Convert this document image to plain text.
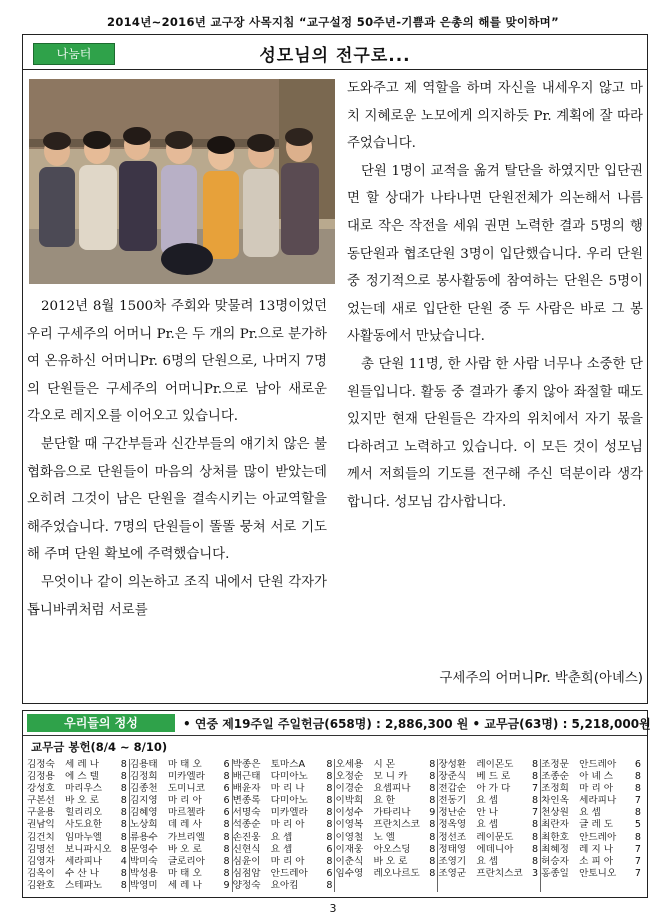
2014년~2016년 교구장 사목지침 “교구설정 50주년-기쁨과 은총의 해를 맞이하며”
나눔터	성모님의 전구로...

2012년 8월 1500차 주회와 맞물려 13명이었던 우리 구세주의 어머니 Pr.은 두 개의 Pr.으로 분가하여 온유하신 어머니Pr. 6명의 단원으로, 나머지 7명의 단원들은 구세주의 어머니Pr.으로 남아 새로운 각오로 레지오를 이어오고 있습니다.

분단할 때 구간부들과 신간부들의 얘기치 않은 불협화음으로 단원들이 마음의 상처를 많이 받았는데 오히려 그것이 남은 단원을 결속시키는 아교역할을 해주었습니다. 7명의 단원들이 똘똘 뭉쳐 서로 기도해 주며 단원 확보에 주력했습니다.

무엇이나 같이 의논하고 조직 내에서 단원 각자가 톱니바퀴처럼 서로를

도와주고 제 역할을 하며 자신을 내세우지 않고 마치 지혜로운 노모에게 의지하듯 Pr. 계획에 잘 따라주었습니다.

단원 1명이 교적을 옮겨 탈단을 하였지만 입단권면 할 상대가 나타나면 단원전체가 의논해서 나름대로 작은 작전을 세워 권면 노력한 결과 5명의 행동단원과 협조단원 3명이 입단했습니다. 우리 단원 중 정기적으로 봉사활동에 참여하는 단원은 5명이었는데 새로 입단한 단원 중 두 사람은 바로 그 봉사활동에서 만났습니다.

총 단원 11명, 한 사람 한 사람 너무나 소중한 단원들입니다. 활동 중 결과가 좋지 않아 좌절할 때도 있지만 현재 단원들은 각자의 위치에서 자기 몫을 다하려고 노력하고 있습니다. 이 모든 것이 성모님께서 저희들의 기도를 전구해 주신 덕분이라 생각합니다. 성모님 감사합니다.

구세주의 어머니Pr. 박춘희(아녜스)
우리들의 정성	• 연중 제19주일 주일헌금(658명) : 2,886,300 원 • 교무금(63명) : 5,218,000원
교무금 봉헌(8/4 ~ 8/10)
김정숙	세 레 나	8
김정용	에 스 텔	8
강성호	마리우스	8
구본선	바 오 로	8
구윤용	힐리리오	8
권남익	사도요한	8
김건치	임마누엘	8
김명선	보니파시오 8
김영자	세라피나	4
김옥이	수 산 나	8
김완호	스테파노	8
김용태	마 태 오	6
김정희	미카엘라	8
김종천	도미니코	6
김지영	마 리 아	6
김혜영	마르첼라	6
노상희	데 레 사	8
류용수	가브리엘	8
문영수	바 오 로	8
박미숙	글로리아	8
박성용	마 태 오	8
박영미	세 레 나	9
박종은	토마스A	8
배근태	다미아노	8
배윤자	마 리 나	8
변종록	다미아노	8
서명숙	미카엘라	8
석종순	마 리 아	8
손진웅	요 셉	8
신현식	요 셉	6
심윤이	마 리 아	8
심점암	안드레아	6
양정숙	요아킴	8
오세용	시 몬	8
오정순	모 니 카	8
이경순	요셉피나	8
이박희	요 한	8
이성수	가타리나	9
이영복	프란치스코 8
이영철	노 엘	8
이재웅	아오스딩	8
이춘식	바 오 로	8
임수영	레오나르도 8
장성환	레이몬도	8
장준식	베 드 로	8
전갑순	아 가 다	7
전동기	요 셉	8
정난순	안 나	7
정옥영	요 셉	8
정선조	레이문도	8
정태영	에데니아	8
조영기	요 셉	8
조영군	프란치스코 3
조정문	안드레아	6
조종순	아 녜 스	8
조정희	마 리 아	8
차인옥	세라피나	7
천상원	요 셉	8
최란자	글 레 도	5
최한호	안드레아	8
최혜정	레 지 나	7
허승자	소 피 아	7
홍종일	안토니오	7
3
